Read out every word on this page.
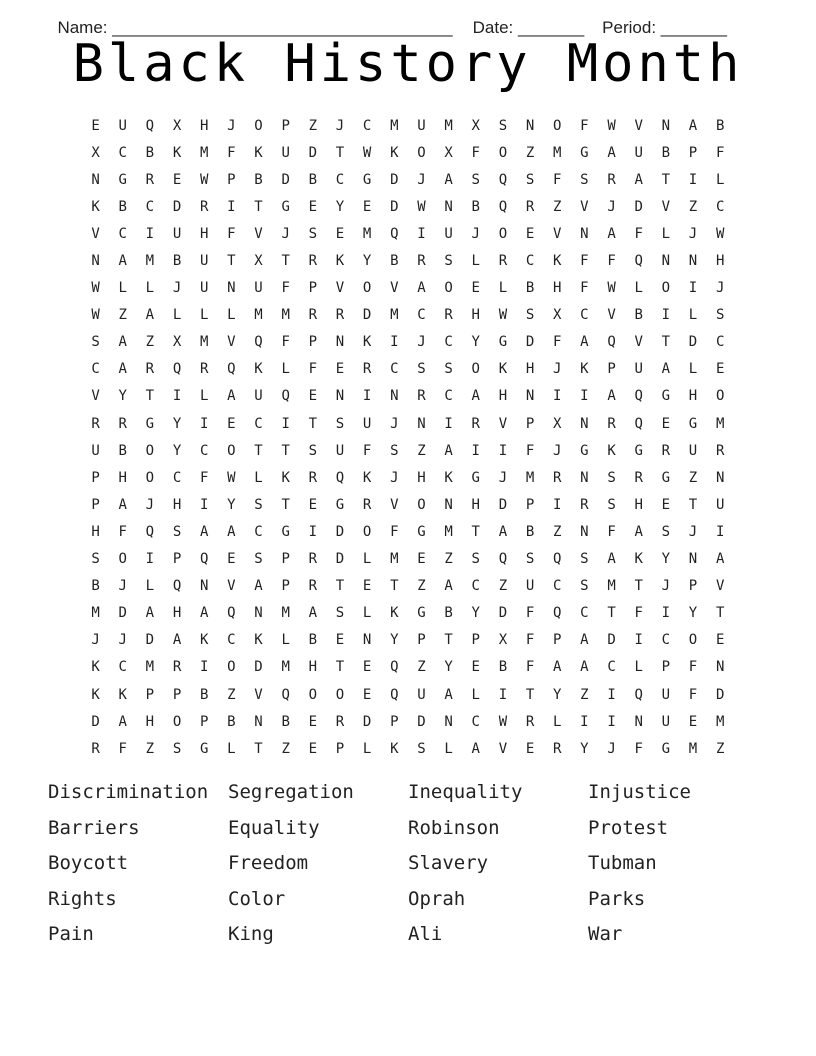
Name: ____________________________________ Date: _______ Period: _______

Black History Month
E	U	Q	X	H	J	O	P	Z	J	C	M	U	M	X	S	N	O	F	W	V	N	A	B
X	C	B	K	M	F	K	U	D	T	W	K	O	X	F	O	Z	M	G	A	U	B	P	F
N	G	R	E	W	P	B	D	B	C	G	D	J	A	S	Q	S	F	S	R	A	T	I	L
K	B	C	D	R	I	T	G	E	Y	E	D	W	N	B	Q	R	Z	V	J	D	V	Z	C
V	C	I	U	H	F	V	J	S	E	M	Q	I	U	J	O	E	V	N	A	F	L	J	W
N	A	M	B	U	T	X	T	R	K	Y	B	R	S	L	R	C	K	F	F	Q	N	N	H
W	L	L	J	U	N	U	F	P	V	O	V	A	O	E	L	B	H	F	W	L	O	I	J
W	Z	A	L	L	L	M	M	R	R	D	M	C	R	H	W	S	X	C	V	B	I	L	S
S	A	Z	X	M	V	Q	F	P	N	K	I	J	C	Y	G	D	F	A	Q	V	T	D	C
C	A	R	Q	R	Q	K	L	F	E	R	C	S	S	O	K	H	J	K	P	U	A	L	E
V	Y	T	I	L	A	U	Q	E	N	I	N	R	C	A	H	N	I	I	A	Q	G	H	O
R	R	G	Y	I	E	C	I	T	S	U	J	N	I	R	V	P	X	N	R	Q	E	G	M
U	B	O	Y	C	O	T	T	S	U	F	S	Z	A	I	I	F	J	G	K	G	R	U	R
P	H	O	C	F	W	L	K	R	Q	K	J	H	K	G	J	M	R	N	S	R	G	Z	N
P	A	J	H	I	Y	S	T	E	G	R	V	O	N	H	D	P	I	R	S	H	E	T	U
H	F	Q	S	A	A	C	G	I	D	O	F	G	M	T	A	B	Z	N	F	A	S	J	I
S	O	I	P	Q	E	S	P	R	D	L	M	E	Z	S	Q	S	Q	S	A	K	Y	N	A
B	J	L	Q	N	V	A	P	R	T	E	T	Z	A	C	Z	U	C	S	M	T	J	P	V
M	D	A	H	A	Q	N	M	A	S	L	K	G	B	Y	D	F	Q	C	T	F	I	Y	T
J	J	D	A	K	C	K	L	B	E	N	Y	P	T	P	X	F	P	A	D	I	C	O	E
K	C	M	R	I	O	D	M	H	T	E	Q	Z	Y	E	B	F	A	A	C	L	P	F	N
K	K	P	P	B	Z	V	Q	O	O	E	Q	U	A	L	I	T	Y	Z	I	Q	U	F	D
D	A	H	O	P	B	N	B	E	R	D	P	D	N	C	W	R	L	I	I	N	U	E	M
R	F	Z	S	G	L	T	Z	E	P	L	K	S	L	A	V	E	R	Y	J	F	G	M	Z
Discrimination	Segregation	Inequality	Injustice
Barriers	Equality	Robinson	Protest
Boycott	Freedom	Slavery	Tubman
Rights	Color	Oprah	Parks
Pain	King	Ali	War
